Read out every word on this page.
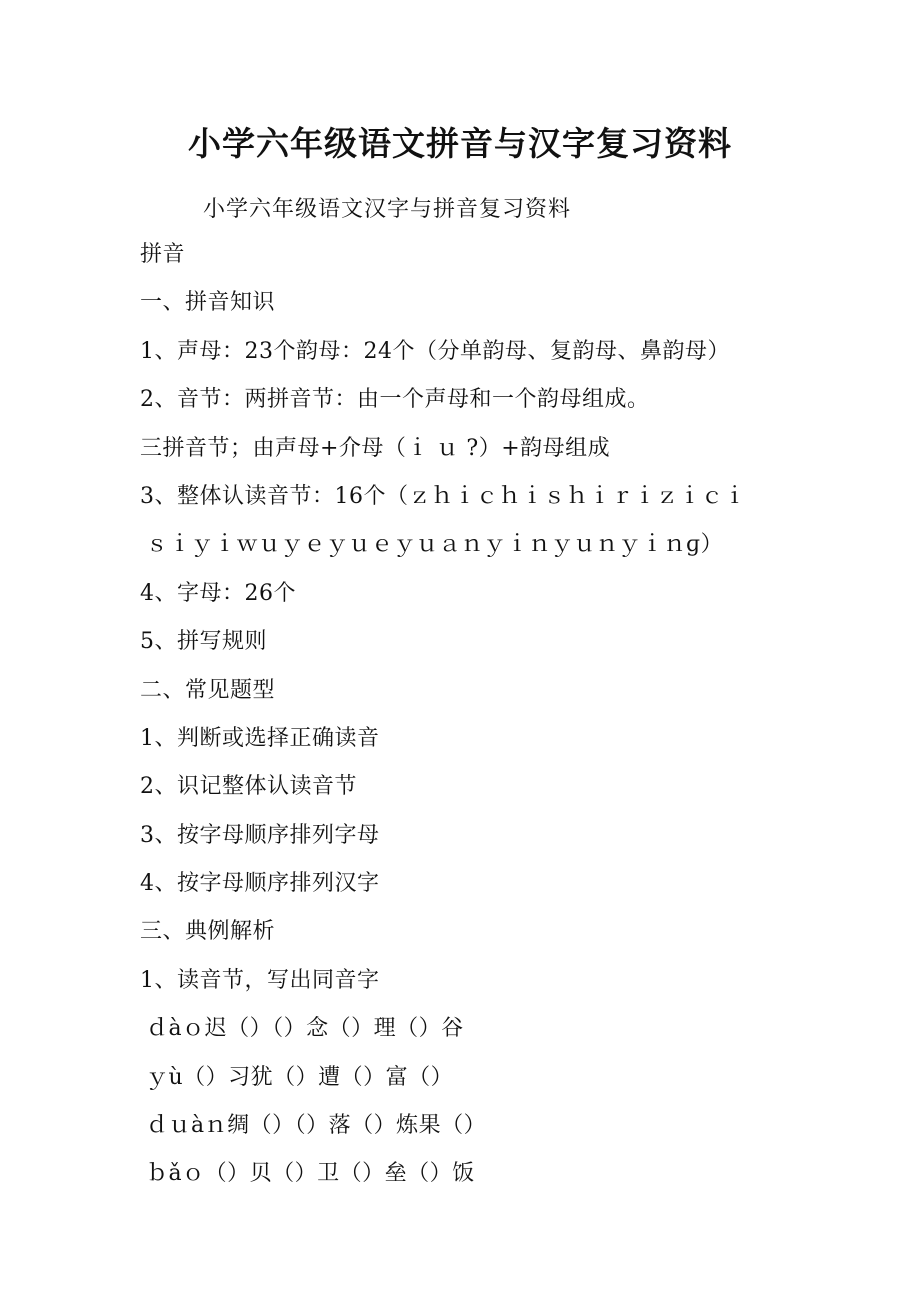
小学六年级语文拼音与汉字复习资料
小学六年级语文汉字与拼音复习资料
拼音
一、拼音知识
1、声母：23个韵母：24个（分单韵母、复韵母、鼻韵母）
2、音节：两拼音节：由一个声母和一个韵母组成。
三拼音节；由声母+介母（ｉ ｕ ?）+韵母组成
3、整体认读音节：16个（ｚｈｉｃｈｉｓｈｉｒｉｚｉｃｉ
ｓｉｙｉｗｕｙｅｙｕｅｙｕａｎｙｉｎｙｕｎｙｉｎɡ）
4、字母：26个
5、拼写规则
二、常见题型
1、判断或选择正确读音
2、识记整体认读音节
3、按字母顺序排列字母
4、按字母顺序排列汉字
三、典例解析
1、读音节，写出同音字
ｄàｏ迟（）（）念（）理（）谷
ｙù（）习犹（）遭（）富（）
ｄｕàｎ绸（）（）落（）炼果（）
ｂǎｏ（）贝（）卫（）垒（）饭
